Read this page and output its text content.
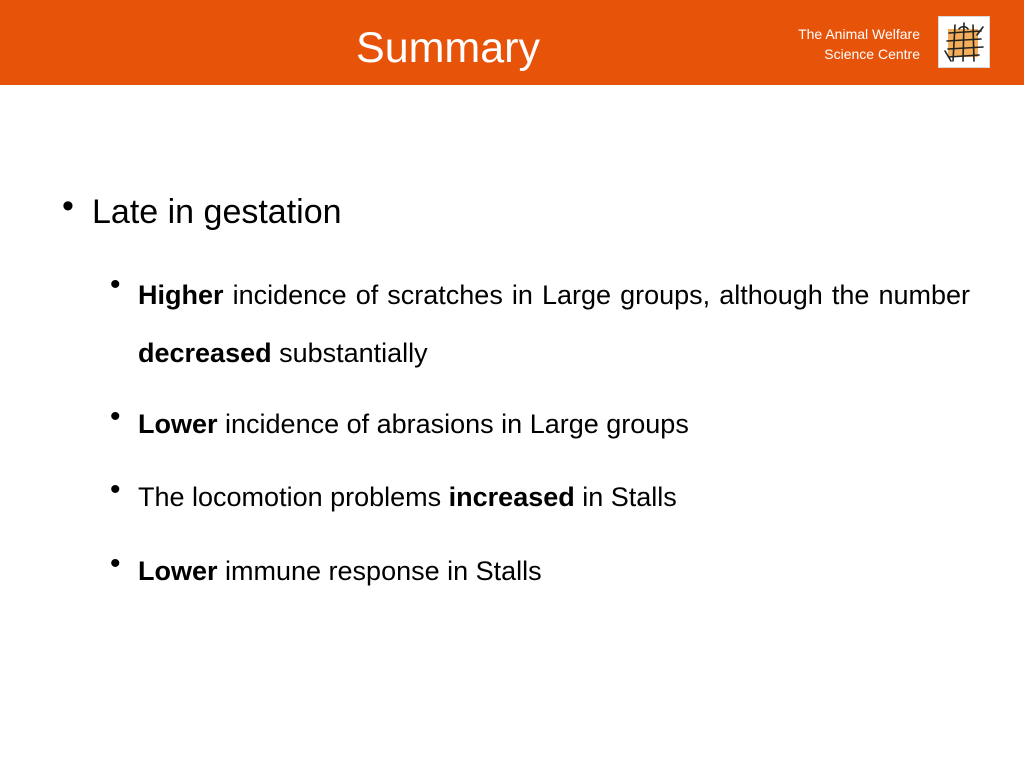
Summary	The Animal Welfare
Science Centre
• Late in gestation
• Higher incidence of scratches in Large groups, although the number decreased substantially
• Lower incidence of abrasions in Large groups
• The locomotion problems increased in Stalls
• Lower immune response in Stalls
